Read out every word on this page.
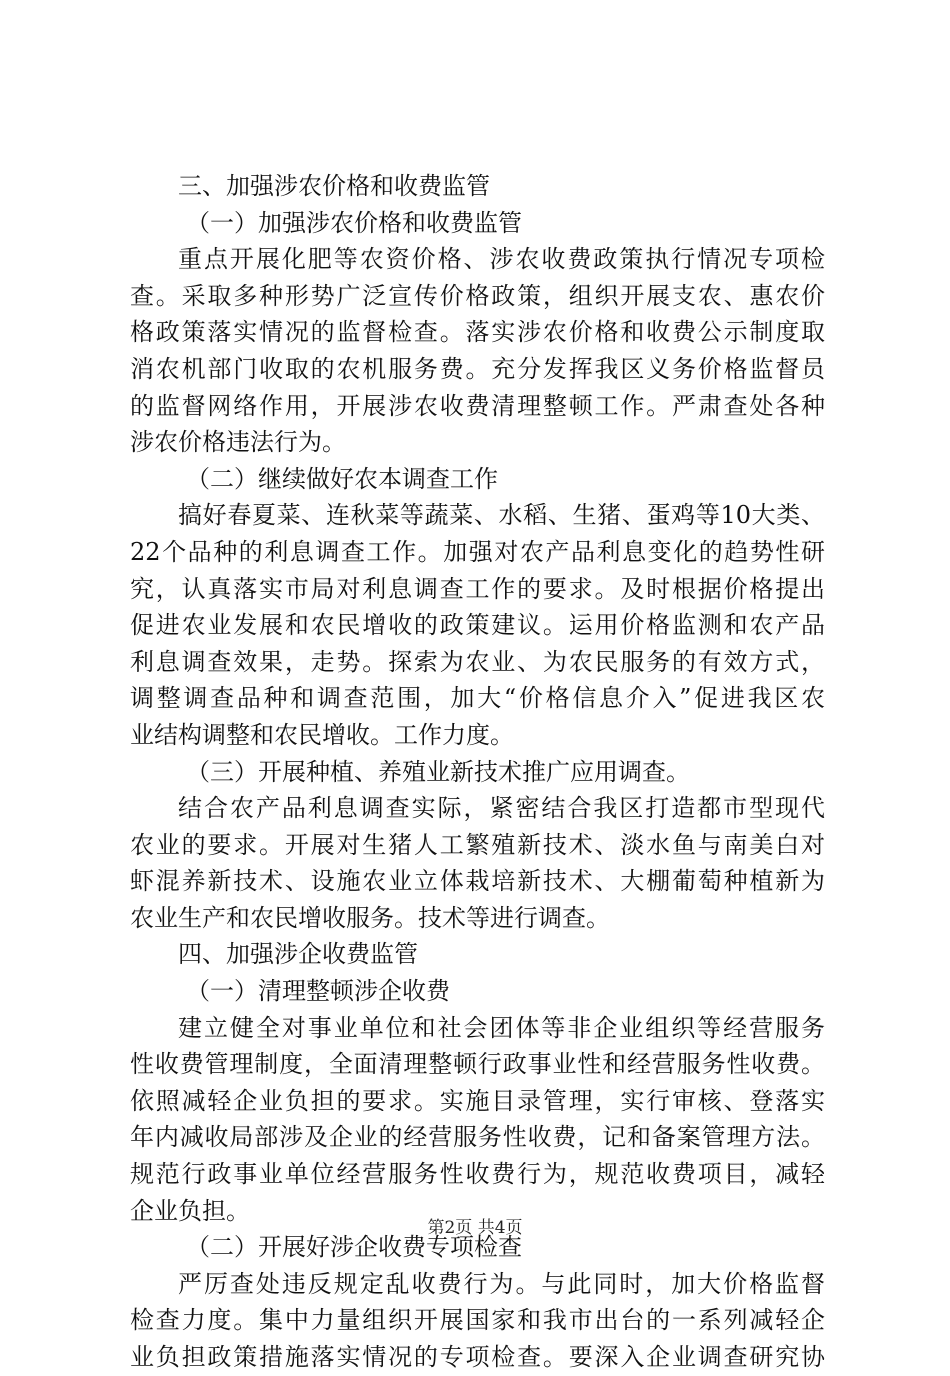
三、加强涉农价格和收费监管
（一）加强涉农价格和收费监管
重点开展化肥等农资价格、涉农收费政策执行情况专项检
查。采取多种形势广泛宣传价格政策，组织开展支农、惠农价
格政策落实情况的监督检查。落实涉农价格和收费公示制度取
消农机部门收取的农机服务费。充分发挥我区义务价格监督员
的监督网络作用，开展涉农收费清理整顿工作。严肃查处各种
涉农价格违法行为。
（二）继续做好农本调查工作
搞好春夏菜、连秋菜等蔬菜、水稻、生猪、蛋鸡等10大类、
22个品种的利息调查工作。加强对农产品利息变化的趋势性研
究，认真落实市局对利息调查工作的要求。及时根据价格提出
促进农业发展和农民增收的政策建议。运用价格监测和农产品
利息调查效果，走势。探索为农业、为农民服务的有效方式，
调整调查品种和调查范围，加大“价格信息介入”促进我区农
业结构调整和农民增收。工作力度。
（三）开展种植、养殖业新技术推广应用调查。
结合农产品利息调查实际，紧密结合我区打造都市型现代
农业的要求。开展对生猪人工繁殖新技术、淡水鱼与南美白对
虾混养新技术、设施农业立体栽培新技术、大棚葡萄种植新为
农业生产和农民增收服务。技术等进行调查。
四、加强涉企收费监管
（一）清理整顿涉企收费
建立健全对事业单位和社会团体等非企业组织等经营服务
性收费管理制度，全面清理整顿行政事业性和经营服务性收费。
依照减轻企业负担的要求。实施目录管理，实行审核、登落实
年内减收局部涉及企业的经营服务性收费，记和备案管理方法。
规范行政事业单位经营服务性收费行为，规范收费项目，减轻
企业负担。
（二）开展好涉企收费专项检查
严厉查处违反规定乱收费行为。与此同时，加大价格监督
检查力度。集中力量组织开展国家和我市出台的一系列减轻企
业负担政策措施落实情况的专项检查。要深入企业调查研究协
第2页 共4页
